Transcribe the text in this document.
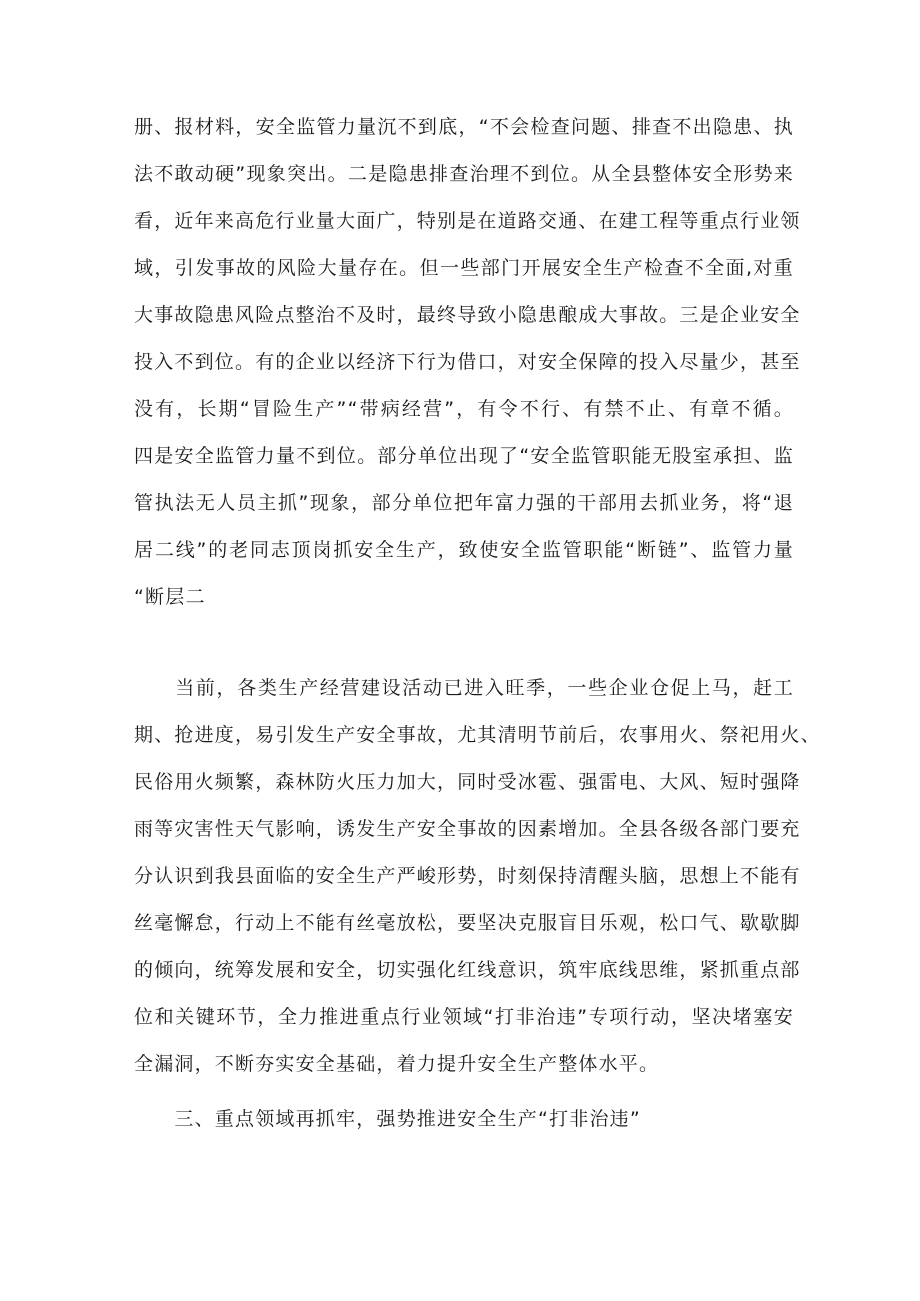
册、报材料，安全监管力量沉不到底，“不会检查问题、排查不出隐患、执
法不敢动硬”现象突出。二是隐患排查治理不到位。从全县整体安全形势来
看，近年来高危行业量大面广，特别是在道路交通、在建工程等重点行业领
域，引发事故的风险大量存在。但一些部门开展安全生产检查不全面,对重
大事故隐患风险点整治不及时，最终导致小隐患酿成大事故。三是企业安全
投入不到位。有的企业以经济下行为借口，对安全保障的投入尽量少，甚至
没有，长期“冒险生产”“带病经营”，有令不行、有禁不止、有章不循。
四是安全监管力量不到位。部分单位出现了“安全监管职能无股室承担、监
管执法无人员主抓”现象，部分单位把年富力强的干部用去抓业务，将“退
居二线”的老同志顶岗抓安全生产，致使安全监管职能“断链”、监管力量
“断层二
　　当前，各类生产经营建设活动已进入旺季，一些企业仓促上马，赶工
期、抢进度，易引发生产安全事故，尤其清明节前后，农事用火、祭祀用火、
民俗用火频繁，森林防火压力加大，同时受冰雹、强雷电、大风、短时强降
雨等灾害性天气影响，诱发生产安全事故的因素增加。全县各级各部门要充
分认识到我县面临的安全生产严峻形势，时刻保持清醒头脑，思想上不能有
丝毫懈怠，行动上不能有丝毫放松，要坚决克服盲目乐观，松口气、歇歇脚
的倾向，统筹发展和安全，切实强化红线意识，筑牢底线思维，紧抓重点部
位和关键环节，全力推进重点行业领域“打非治违”专项行动，坚决堵塞安
全漏洞，不断夯实安全基础，着力提升安全生产整体水平。
　　三、重点领域再抓牢，强势推进安全生产“打非治违”
